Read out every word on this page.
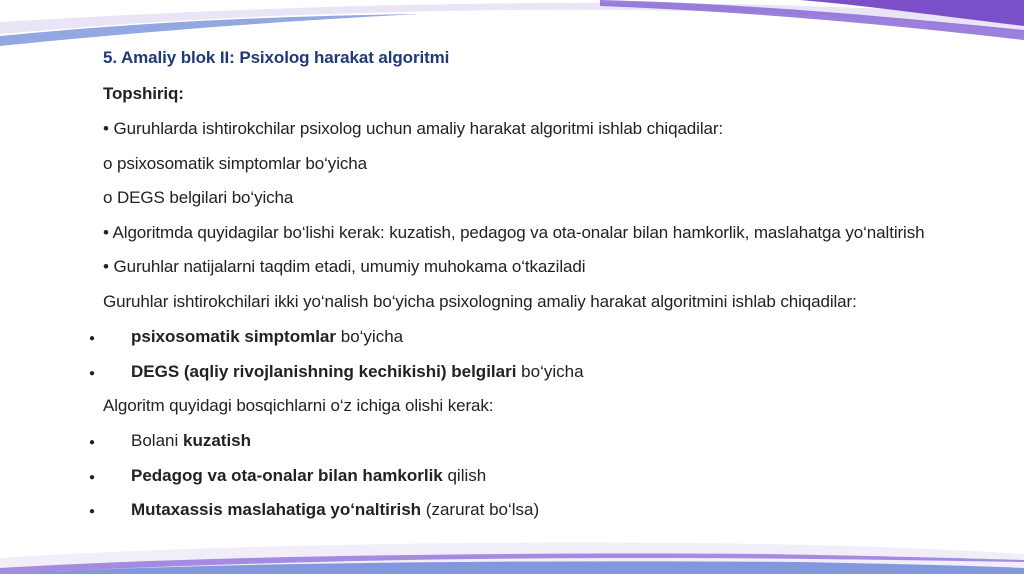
5. Amaliy blok II: Psixolog harakat algoritmi
Topshiriq:
• Guruhlarda ishtirokchilar psixolog uchun amaliy harakat algoritmi ishlab chiqadilar:
o psixosomatik simptomlar bo‘yicha
o DEGS belgilari bo‘yicha
• Algoritmda quyidagilar bo‘lishi kerak: kuzatish, pedagog va ota-onalar bilan hamkorlik, maslahatga yo‘naltirish
• Guruhlar natijalarni taqdim etadi, umumiy muhokama o‘tkaziladi
Guruhlar ishtirokchilari ikki yo‘nalish bo‘yicha psixologning amaliy harakat algoritmini ishlab chiqadilar:
● psixosomatik simptomlar bo‘yicha
● DEGS (aqliy rivojlanishning kechikishi) belgilari bo‘yicha
Algoritm quyidagi bosqichlarni o‘z ichiga olishi kerak:
● Bolani kuzatish
● Pedagog va ota-onalar bilan hamkorlik qilish
● Mutaxassis maslahatiga yo‘naltirish (zarurat bo‘lsa)
